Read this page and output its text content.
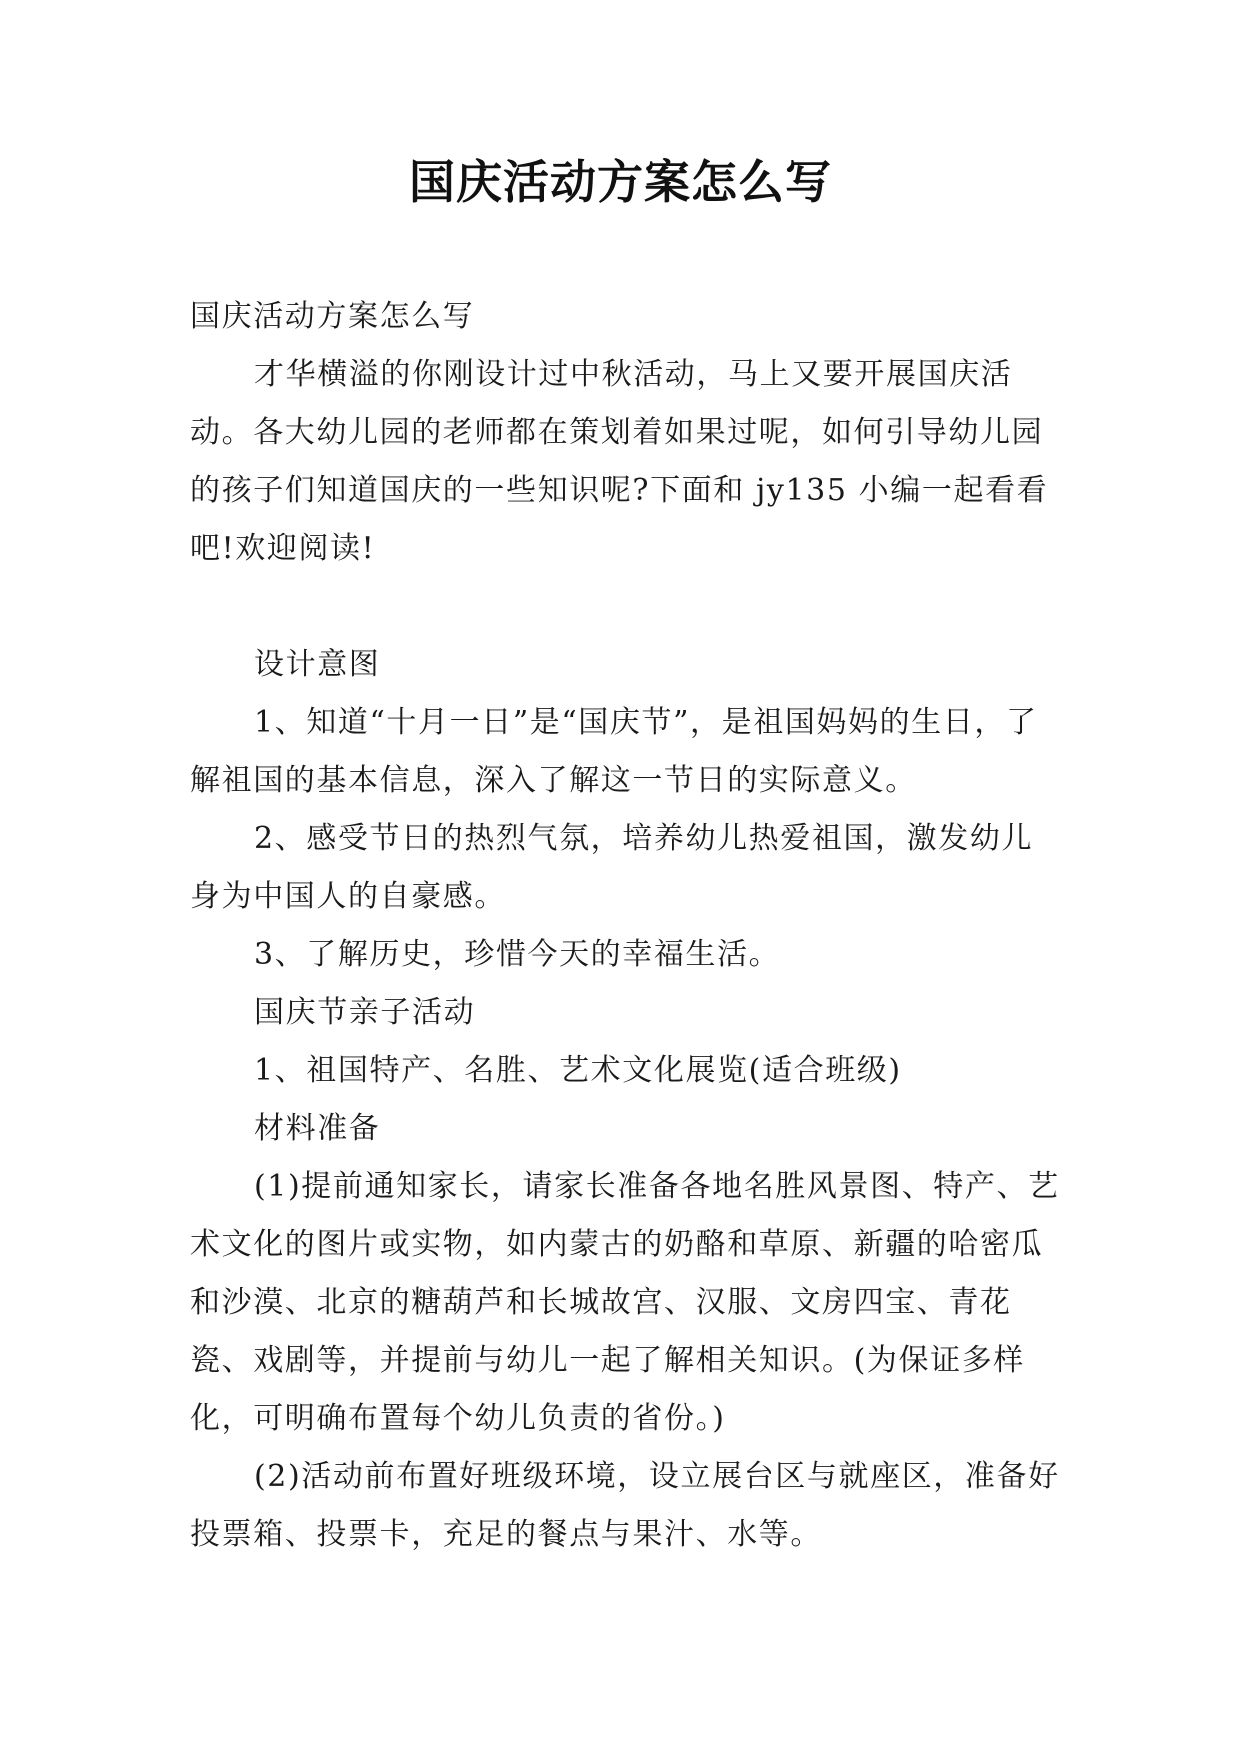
国庆活动方案怎么写

国庆活动方案怎么写

才华横溢的你刚设计过中秋活动，马上又要开展国庆活动。各大幼儿园的老师都在策划着如果过呢，如何引导幼儿园的孩子们知道国庆的一些知识呢?下面和 jy135 小编一起看看吧!欢迎阅读!

设计意图

1、知道“十月一日”是“国庆节”，是祖国妈妈的生日，了解祖国的基本信息，深入了解这一节日的实际意义。

2、感受节日的热烈气氛，培养幼儿热爱祖国，激发幼儿身为中国人的自豪感。

3、了解历史，珍惜今天的幸福生活。

国庆节亲子活动

1、祖国特产、名胜、艺术文化展览(适合班级)

材料准备

(1)提前通知家长，请家长准备各地名胜风景图、特产、艺术文化的图片或实物，如内蒙古的奶酪和草原、新疆的哈密瓜和沙漠、北京的糖葫芦和长城故宫、汉服、文房四宝、青花瓷、戏剧等，并提前与幼儿一起了解相关知识。(为保证多样化，可明确布置每个幼儿负责的省份。)

(2)活动前布置好班级环境，设立展台区与就座区，准备好投票箱、投票卡，充足的餐点与果汁、水等。
